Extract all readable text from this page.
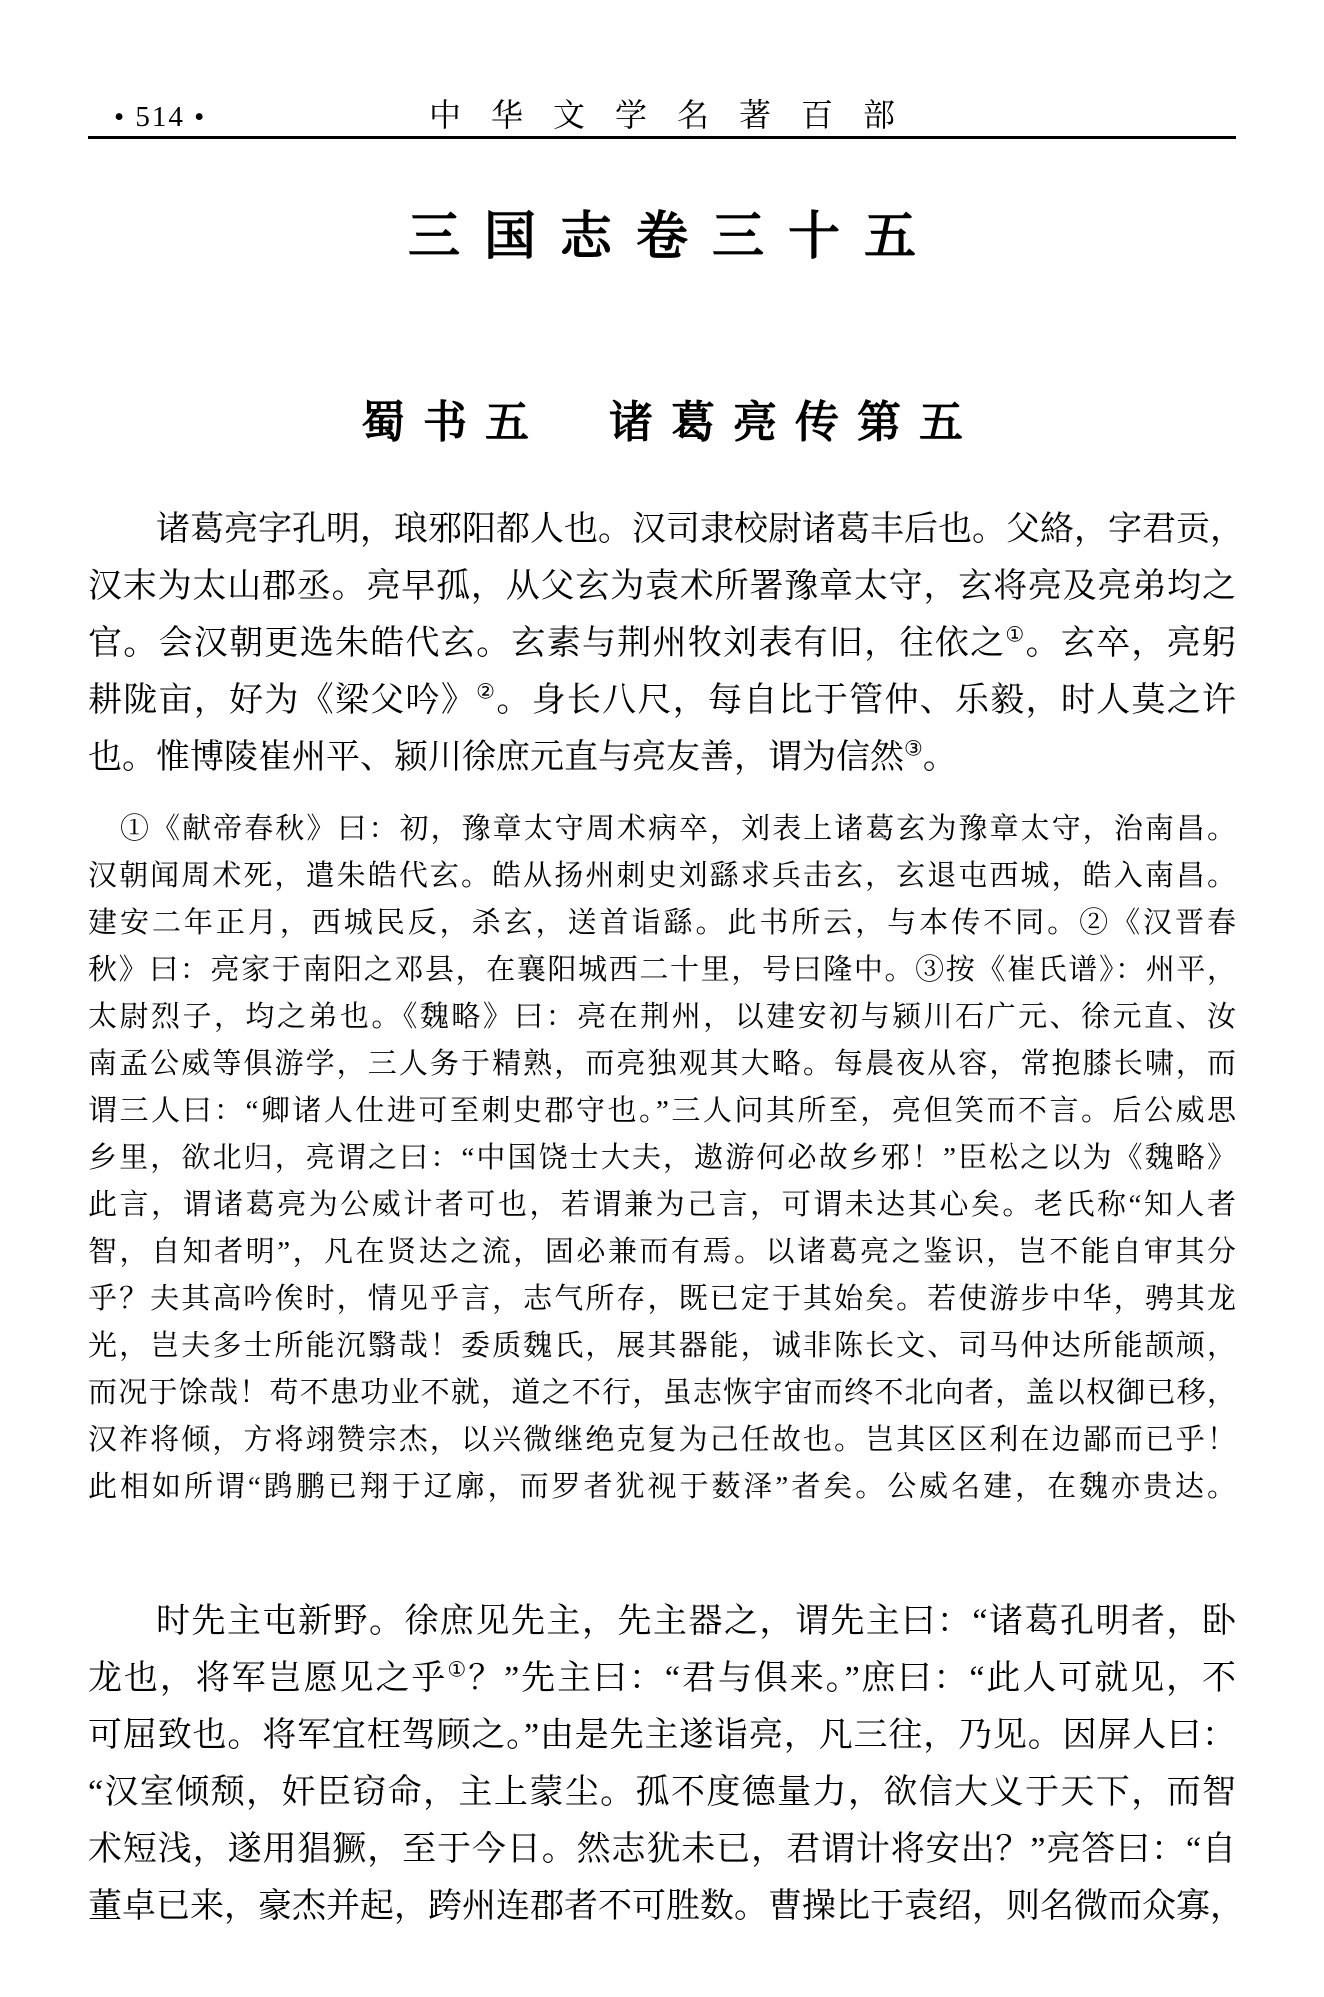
• 514 •	中华文学名著百部
三国志卷三十五
蜀书五　诸葛亮传第五
诸葛亮字孔明，琅邪阳都人也。汉司隶校尉诸葛丰后也。父絡，字君贡，
汉末为太山郡丞。亮早孤，从父玄为袁术所署豫章太守，玄将亮及亮弟均之
官。会汉朝更选朱皓代玄。玄素与荆州牧刘表有旧，往依之①。玄卒，亮躬
耕陇亩，好为《梁父吟》②。身长八尺，每自比于管仲、乐毅，时人莫之许
也。惟博陵崔州平、颍川徐庶元直与亮友善，谓为信然③。
①《献帝春秋》曰：初，豫章太守周术病卒，刘表上诸葛玄为豫章太守，治南昌。
汉朝闻周术死，遣朱皓代玄。皓从扬州刺史刘繇求兵击玄，玄退屯西城，皓入南昌。
建安二年正月，西城民反，杀玄，送首诣繇。此书所云，与本传不同。②《汉晋春
秋》曰：亮家于南阳之邓县，在襄阳城西二十里，号曰隆中。③按《崔氏谱》：州平，
太尉烈子，均之弟也。《魏略》曰：亮在荆州，以建安初与颍川石广元、徐元直、汝
南孟公威等俱游学，三人务于精熟，而亮独观其大略。每晨夜从容，常抱膝长啸，而
谓三人曰：“卿诸人仕进可至刺史郡守也。”三人问其所至，亮但笑而不言。后公威思
乡里，欲北归，亮谓之曰：“中国饶士大夫，遨游何必故乡邪！”臣松之以为《魏略》
此言，谓诸葛亮为公威计者可也，若谓兼为己言，可谓未达其心矣。老氏称“知人者
智，自知者明”，凡在贤达之流，固必兼而有焉。以诸葛亮之鉴识，岂不能自审其分
乎？夫其高吟俟时，情见乎言，志气所存，既已定于其始矣。若使游步中华，骋其龙
光，岂夫多士所能沉翳哉！委质魏氏，展其器能，诚非陈长文、司马仲达所能颉颃，
而况于馀哉！苟不患功业不就，道之不行，虽志恢宇宙而终不北向者，盖以权御已移，
汉祚将倾，方将翊赞宗杰，以兴微继绝克复为己任故也。岂其区区利在边鄙而已乎！
此相如所谓“鹍鹏已翔于辽廓，而罗者犹视于薮泽”者矣。公威名建，在魏亦贵达。
时先主屯新野。徐庶见先主，先主器之，谓先主曰：“诸葛孔明者，卧
龙也，将军岂愿见之乎①？”先主曰：“君与俱来。”庶曰：“此人可就见，不
可屈致也。将军宜枉驾顾之。”由是先主遂诣亮，凡三往，乃见。因屏人曰：
“汉室倾颓，奸臣窃命，主上蒙尘。孤不度德量力，欲信大义于天下，而智
术短浅，遂用猖獗，至于今日。然志犹未已，君谓计将安出？”亮答曰：“自
董卓已来，豪杰并起，跨州连郡者不可胜数。曹操比于袁绍，则名微而众寡，
